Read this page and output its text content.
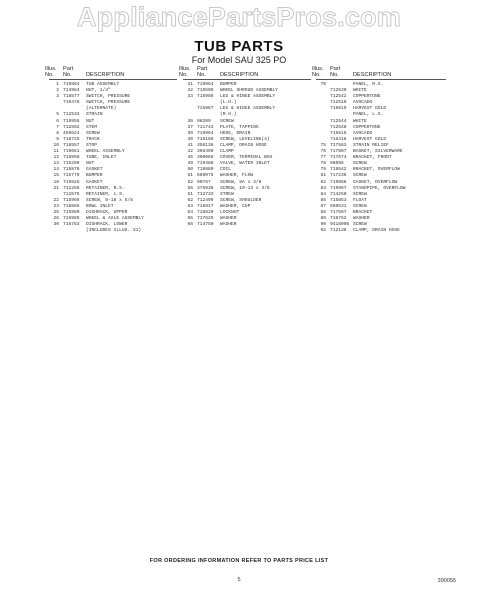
AppliancePartsPros.com
TUB PARTS
For Model SAU 325 PO
Illus. Part
No. No.	DESCRIPTION
1 719864 TUB ASSEMBLY
2 714984 NUT, 1/4"
3 718577 SWITCH, PRESSURE
719478 SWITCH, PRESSURE
(ALTERNATE)
5 712533 STRAIN
6 719955 NUT
7 712502 STEM
8 459624 SCREW
9 718725 TRACK
10 718557 STOP
11 719661 WHEEL ASSEMBLY
12 715958 TUBE, INLET
13 715299 NUT
14 715878 GASKET
15 715779 BUMPER
18 719525 GASKET
21 712256 RETAINER, R.S.
712575 RETAINER, L.S.
22 715966 SCREW, 8-18 x 5/8
23 716868 BOWL INLET
25 715980 DISHRACK, UPPER
26 716985 WHEEL & AXLE ASSEMBLY
30 716783 DISHRACK, LOWER
(INCLUDES ILLUS. 31)
Illus. Part
No. No.	DESCRIPTION
31 719964 BUMPER
32 719509 WHEEL SHROUD ASSEMBLY
33 715986 LEG & HINGE ASSEMBLY
(L.H.)
715987 LEG & HINGE ASSEMBLY
(R.H.)
36 98209 SCREW
37 711743 PLATE, TAPPING
39 719964 HOSE, DRAIN
40 715168 SCREW, LEVELING(4)
41 356136 CLAMP, DRAIN HOSE
42 356490 CLAMP
45 300068 COVER, TERMINAL BOX
49 719486 VALVE, WATER INLET
50 719880 COIL
51 569075 WASHER, FLOW
52 90767 SCREW, 8A x 3/8
56 375936 SCREW, 10-13 x 3/8
61 712733 STREW
62 712499 SCREW, SHOULDER
63 718817 WASHER, CUP
64 718820 LOCKNUT
65 717626 WASHER
66 714750 WASHER
Illus. Part
No. No.	DESCRIPTION
70	PANEL, R.S.
712530 WHITE
712542 COPPERTONE
712510 AVOCADO
716619 HARVEST GOLD
PANEL, L.S.
712544 WHITE
712548 COPPERTONE
715816 AVOCADO
716418 HARVEST GOLD
75 717563 STRAIN RELIEF
76 717807 BASKET, SILVERWARE
77 717674 BRACKET, FRONT
78 98086 SCREW
79 719542 BRACKET, OVERFLOW
81 717236 SCREW
82 719966 GASKET, OVERFLOW
83 719967 STANDPIPE, OVERFLOW
84 714250 SCREW
85 715853 FLOAT
87 690531 SCREW
88 717567 BRACKET
89 718752 WASHER
90 9418006 SCREW
92 712138 CLAMP, DRAIN HOSE
FOR ORDERING INFORMATION REFER TO PARTS PRICE LIST
5	390055
